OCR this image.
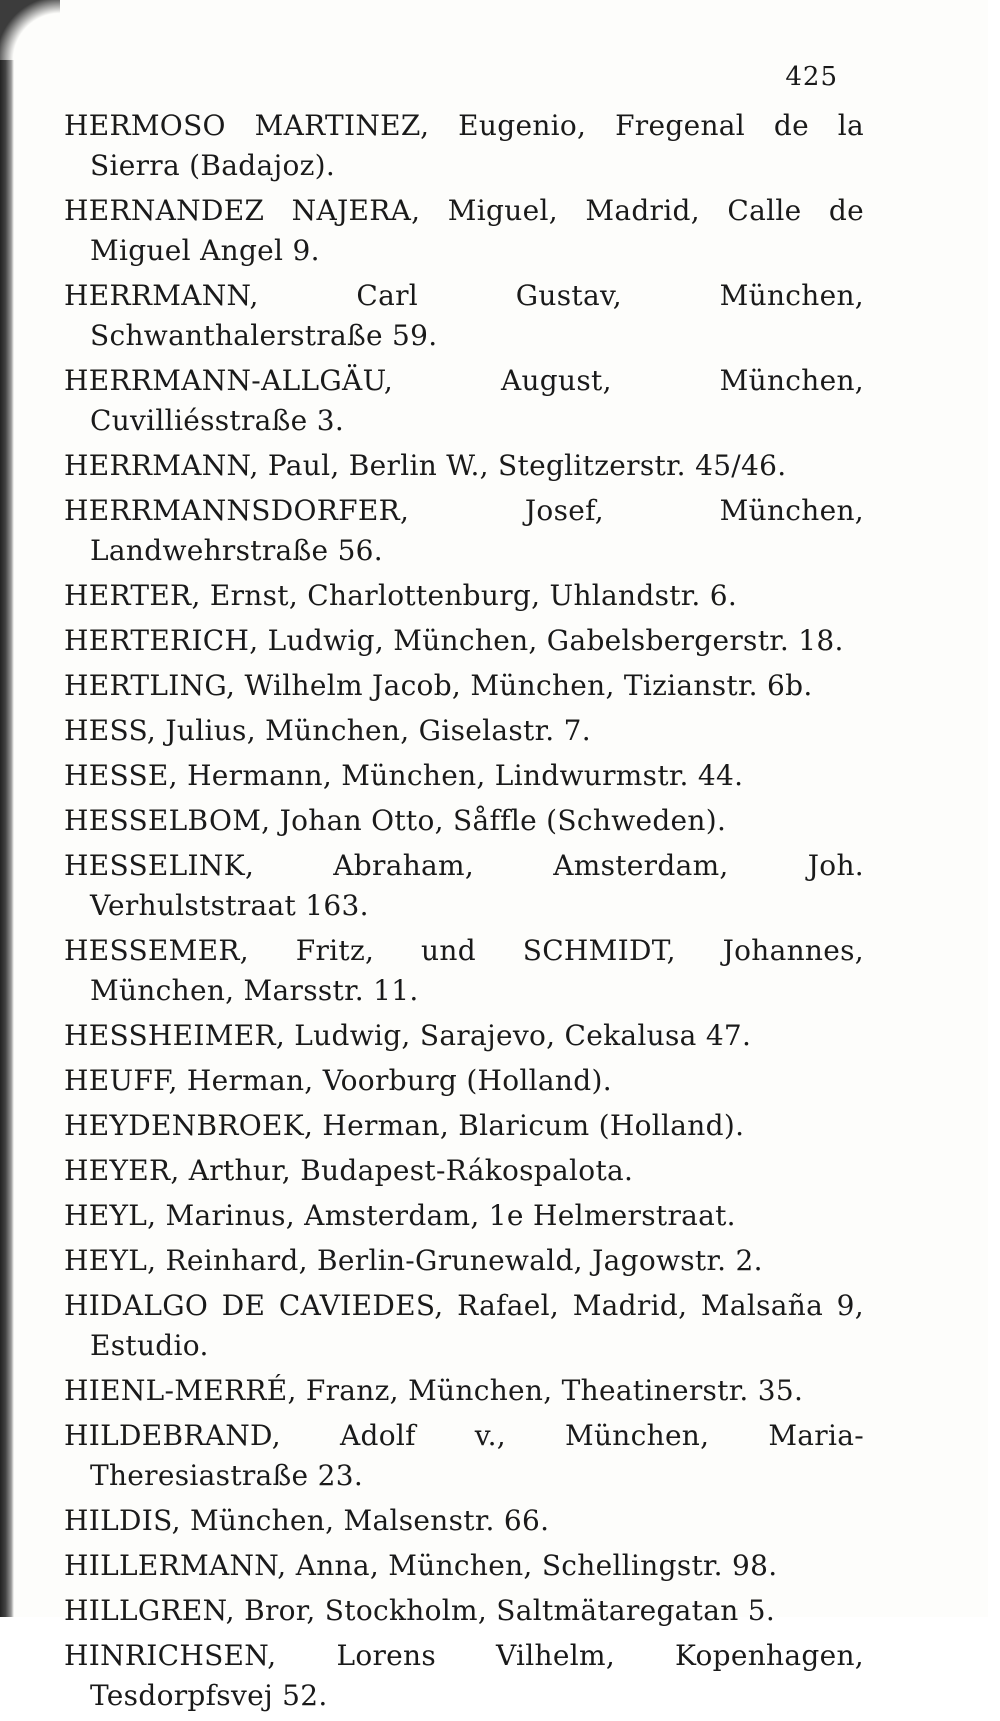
425
HERMOSO MARTINEZ, Eugenio, Fregenal de la Sierra (Badajoz).
HERNANDEZ NAJERA, Miguel, Madrid, Calle de Miguel Angel 9.
HERRMANN, Carl Gustav, München, Schwanthalerstraße 59.
HERRMANN-ALLGÄU, August, München, Cuvilliésstraße 3.
HERRMANN, Paul, Berlin W., Steglitzerstr. 45/46.
HERRMANNSDORFER, Josef, München, Landwehrstraße 56.
HERTER, Ernst, Charlottenburg, Uhlandstr. 6.
HERTERICH, Ludwig, München, Gabelsbergerstr. 18.
HERTLING, Wilhelm Jacob, München, Tizianstr. 6b.
HESS, Julius, München, Giselastr. 7.
HESSE, Hermann, München, Lindwurmstr. 44.
HESSELBOM, Johan Otto, Såffle (Schweden).
HESSELINK, Abraham, Amsterdam, Joh. Verhulststraat 163.
HESSEMER, Fritz, und SCHMIDT, Johannes, München, Marsstr. 11.
HESSHEIMER, Ludwig, Sarajevo, Cekalusa 47.
HEUFF, Herman, Voorburg (Holland).
HEYDENBROEK, Herman, Blaricum (Holland).
HEYER, Arthur, Budapest-Rákospalota.
HEYL, Marinus, Amsterdam, 1e Helmerstraat.
HEYL, Reinhard, Berlin-Grunewald, Jagowstr. 2.
HIDALGO DE CAVIEDES, Rafael, Madrid, Malsaña 9, Estudio.
HIENL-MERRÉ, Franz, München, Theatinerstr. 35.
HILDEBRAND, Adolf v., München, Maria-Theresiastraße 23.
HILDIS, München, Malsenstr. 66.
HILLERMANN, Anna, München, Schellingstr. 98.
HILLGREN, Bror, Stockholm, Saltmätaregatan 5.
HINRICHSEN, Lorens Vilhelm, Kopenhagen, Tesdorpfsvej 52.
